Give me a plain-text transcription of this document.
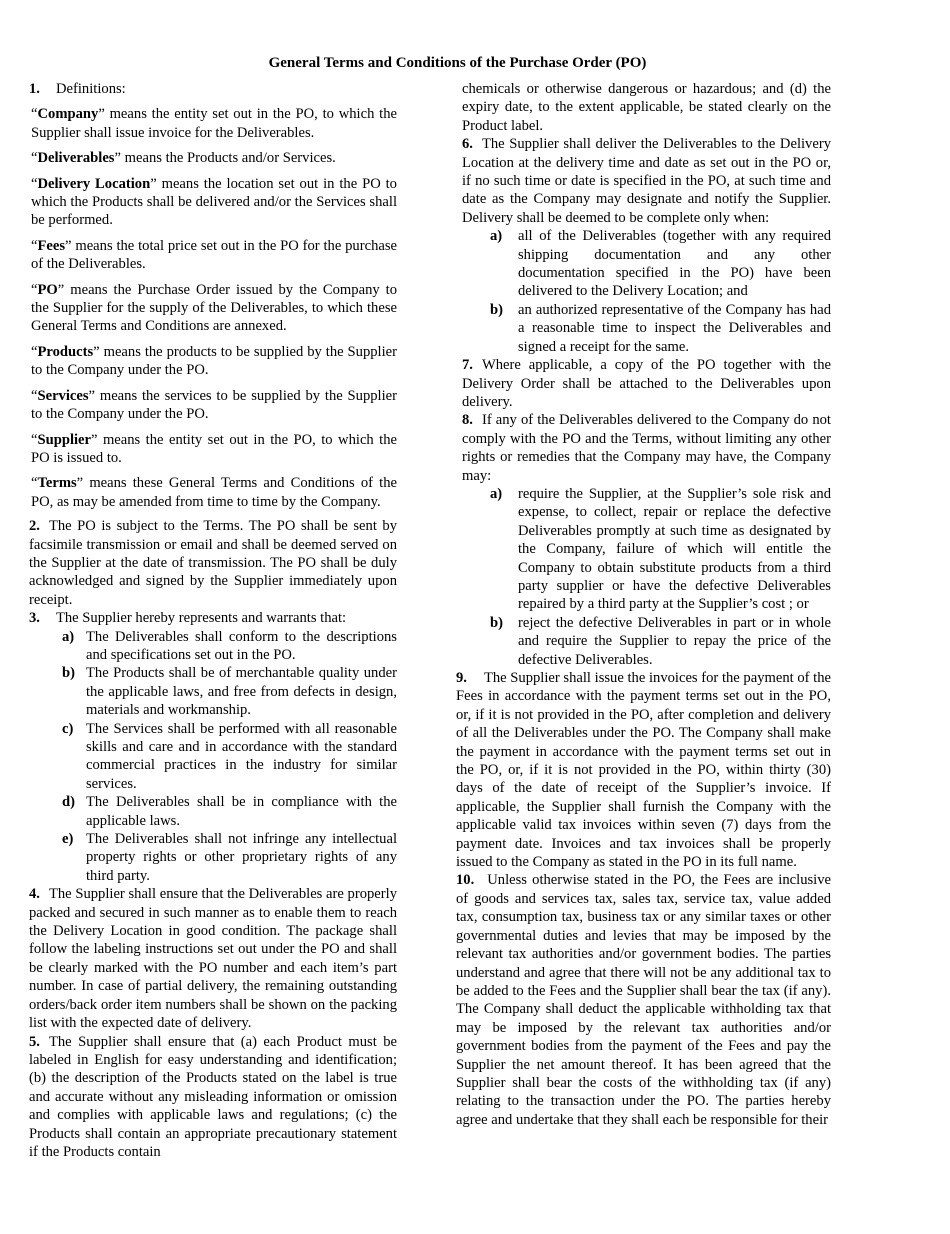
General Terms and Conditions of the Purchase Order (PO)

1. Definitions:

“Company” means the entity set out in the PO, to which the Supplier shall issue invoice for the Deliverables.

“Deliverables” means the Products and/or Services.

“Delivery Location” means the location set out in the PO to which the Products shall be delivered and/or the Services shall be performed.

“Fees” means the total price set out in the PO for the purchase of the Deliverables.

“PO” means the Purchase Order issued by the Company to the Supplier for the supply of the Deliverables, to which these General Terms and Conditions are annexed.

“Products” means the products to be supplied by the Supplier to the Company under the PO.

“Services” means the services to be supplied by the Supplier to the Company under the PO.

“Supplier” means the entity set out in the PO, to which the PO is issued to.

“Terms” means these General Terms and Conditions of the PO, as may be amended from time to time by the Company.

2. The PO is subject to the Terms. The PO shall be sent by facsimile transmission or email and shall be deemed served on the Supplier at the date of transmission. The PO shall be duly acknowledged and signed by the Supplier immediately upon receipt.

3. The Supplier hereby represents and warrants that:

a) The Deliverables shall conform to the descriptions and specifications set out in the PO.
b) The Products shall be of merchantable quality under the applicable laws, and free from defects in design, materials and workmanship.
c) The Services shall be performed with all reasonable skills and care and in accordance with the standard commercial practices in the industry for similar services.
d) The Deliverables shall be in compliance with the applicable laws.
e) The Deliverables shall not infringe any intellectual property rights or other proprietary rights of any third party.

4. The Supplier shall ensure that the Deliverables are properly packed and secured in such manner as to enable them to reach the Delivery Location in good condition. The package shall follow the labeling instructions set out under the PO and shall be clearly marked with the PO number and each item’s part number. In case of partial delivery, the remaining outstanding orders/back order item numbers shall be shown on the packing list with the expected date of delivery.

5. The Supplier shall ensure that (a) each Product must be labeled in English for easy understanding and identification; (b) the description of the Products stated on the label is true and accurate without any misleading information or omission and complies with applicable laws and regulations; (c) the Products shall contain an appropriate precautionary statement if the Products contain

chemicals or otherwise dangerous or hazardous; and (d) the expiry date, to the extent applicable, be stated clearly on the Product label.

6. The Supplier shall deliver the Deliverables to the Delivery Location at the delivery time and date as set out in the PO or, if no such time or date is specified in the PO, at such time and date as the Company may designate and notify the Supplier. Delivery shall be deemed to be complete only when:

a)	all of the Deliverables (together with any required shipping documentation and any other documentation specified in the PO) have been delivered to the Delivery Location; and
b)	an authorized representative of the Company has had a reasonable time to inspect the Deliverables and signed a receipt for the same.

7. Where applicable, a copy of the PO together with the Delivery Order shall be attached to the Deliverables upon delivery.

8. If any of the Deliverables delivered to the Company do not comply with the PO and the Terms, without limiting any other rights or remedies that the Company may have, the Company may:

a)	require the Supplier, at the Supplier’s sole risk and expense, to collect, repair or replace the defective Deliverables promptly at such time as designated by the Company, failure of which will entitle the Company to obtain substitute products from a third party supplier or have the defective Deliverables repaired by a third party at the Supplier’s cost ; or
b)	reject the defective Deliverables in part or in whole and require the Supplier to repay the price of the defective Deliverables.

9. The Supplier shall issue the invoices for the payment of the Fees in accordance with the payment terms set out in the PO, or, if it is not provided in the PO, after completion and delivery of all the Deliverables under the PO. The Company shall make the payment in accordance with the payment terms set out in the PO, or, if it is not provided in the PO, within thirty (30) days of the date of receipt of the Supplier’s invoice. If applicable, the Supplier shall furnish the Company with the applicable valid tax invoices within seven (7) days from the payment date. Invoices and tax invoices shall be properly issued to the Company as stated in the PO in its full name.

10. Unless otherwise stated in the PO, the Fees are inclusive of goods and services tax, sales tax, service tax, value added tax, consumption tax, business tax or any similar taxes or other governmental duties and levies that may be imposed by the relevant tax authorities and/or government bodies. The parties understand and agree that there will not be any additional tax to be added to the Fees and the Supplier shall bear the tax (if any). The Company shall deduct the applicable withholding tax that may be imposed by the relevant tax authorities and/or government bodies from the payment of the Fees and pay the Supplier the net amount thereof. It has been agreed that the Supplier shall bear the costs of the withholding tax (if any) relating to the transaction under the PO. The parties hereby agree and undertake that they shall each be responsible for their
